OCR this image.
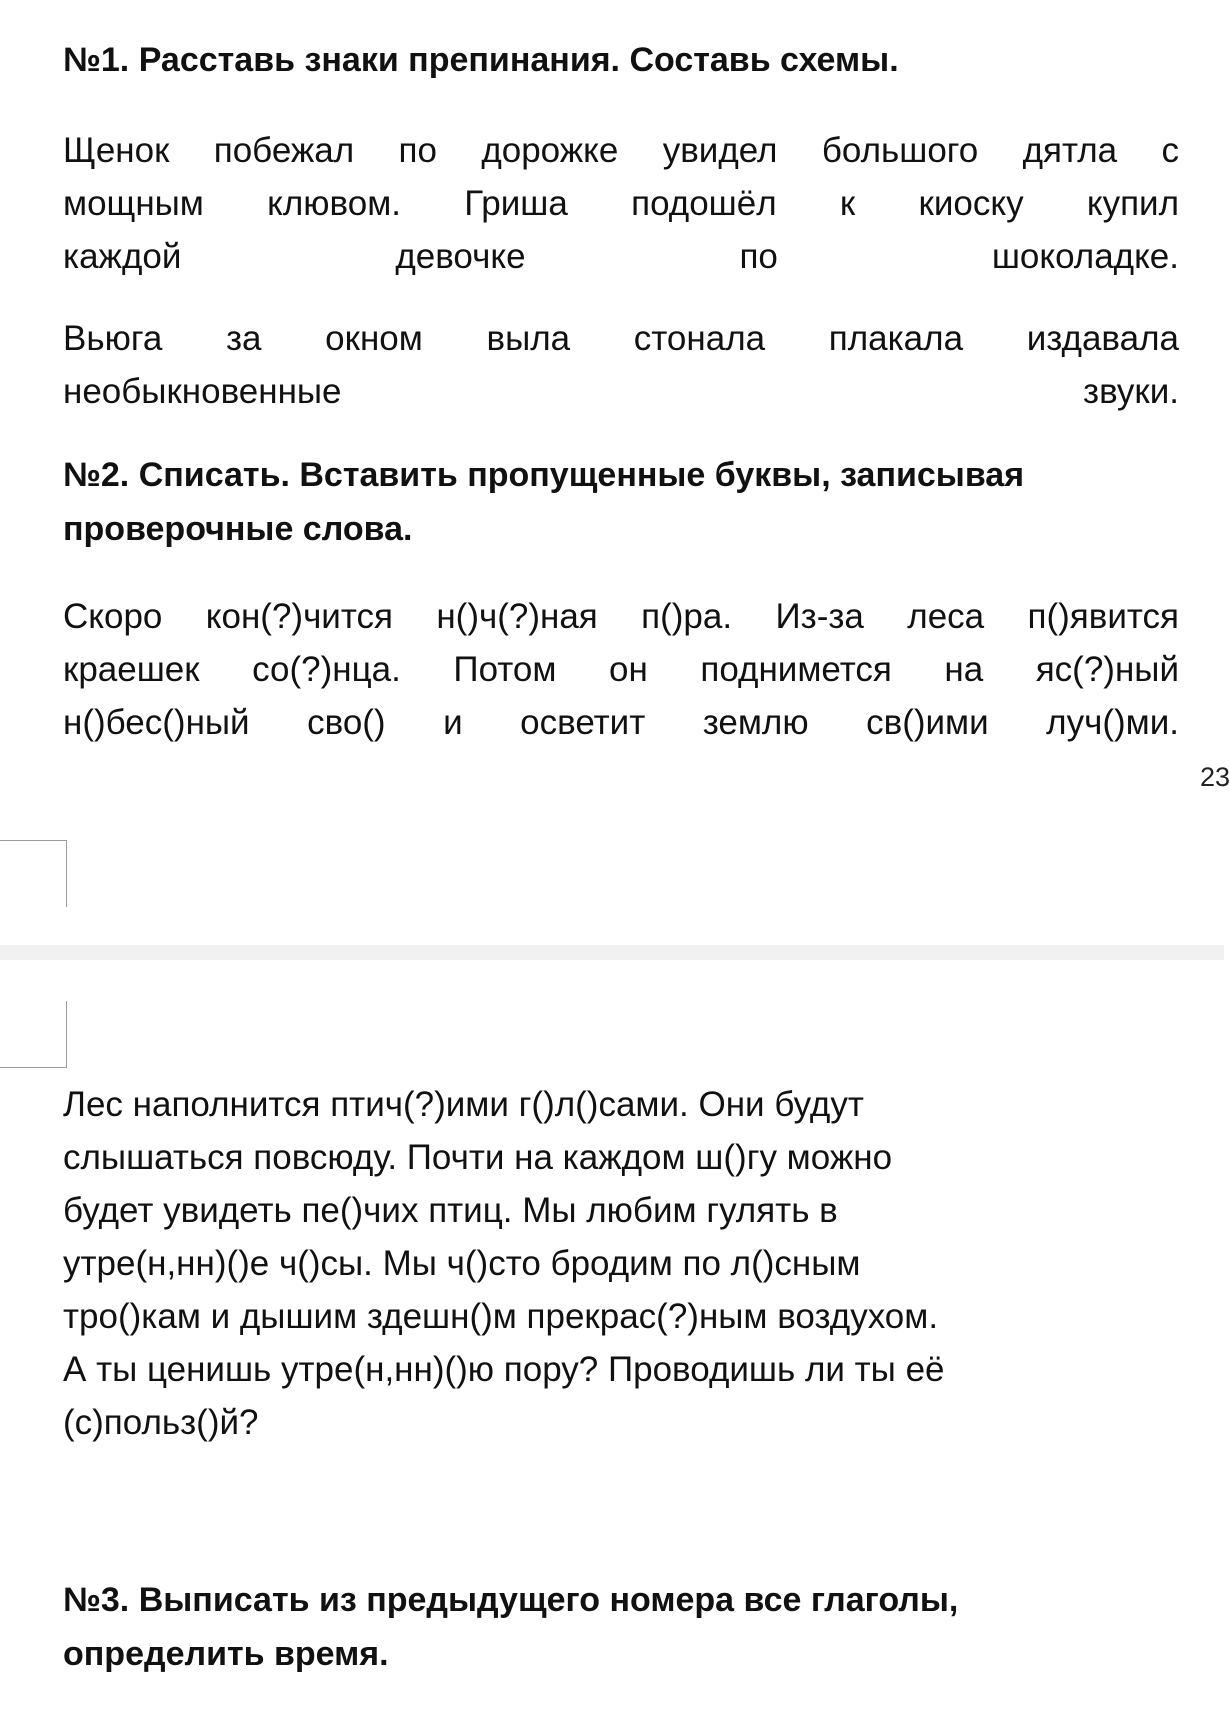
№1. Расставь знаки препинания. Составь схемы.
Щенок побежал по дорожке увидел большого дятла с
мощным клювом. Гриша подошёл к киоску купил
каждой девочке по шоколадке.
Вьюга за окном выла стонала плакала издавала
необыкновенные звуки.
№2. Списать. Вставить пропущенные буквы, записывая
проверочные слова.
Скоро кон(?)чится н()ч(?)ная п()ра. Из-за леса п()явится
краешек со(?)нца. Потом он поднимется на яс(?)ный
н()бес()ный сво() и осветит землю св()ими луч()ми.
23
Лес наполнится птич(?)ими г()л()сами. Они будут
слышаться повсюду. Почти на каждом ш()гу можно
будет увидеть пе()чих птиц. Мы любим гулять в
утре(н,нн)()е ч()сы. Мы ч()сто бродим по л()сным
тро()кам и дышим здешн()м прекрас(?)ным воздухом.
А ты ценишь утре(н,нн)()ю пору? Проводишь ли ты её
(с)польз()й?
№3. Выписать из предыдущего номера все глаголы,
определить время.
